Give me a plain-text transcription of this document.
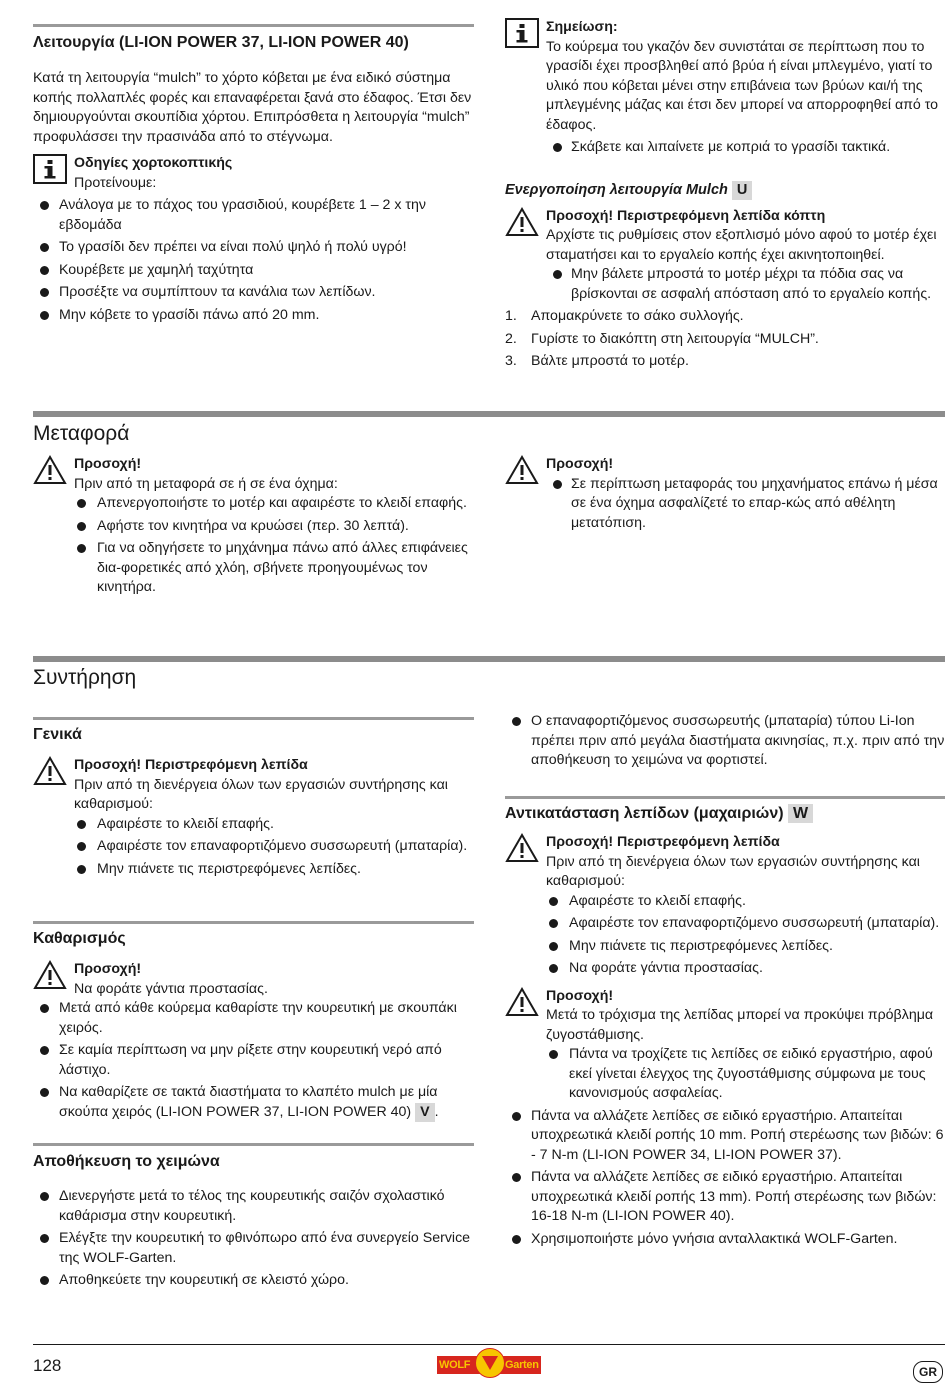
Λειτουργία (LI-ION POWER 37, LI-ION POWER 40)

Κατά τη λειτουργία “mulch” το χόρτο κόβεται με ένα ειδικό σύστημα κοπής πολλαπλές φορές και επαναφέρεται ξανά στο έδαφος. Έτσι δεν δημιουργούνται σκουπίδια χόρτου. Επιπρόσθετα η λειτουργία “mulch” προφυλάσσει την πρασινάδα από το στέγνωμα.

Οδηγίες χορτοκοπτικής

Προτείνουμε:

Ανάλογα με το πάχος του γρασιδιού, κουρέβετε 1 – 2 x την εβδομάδα
Το γρασίδι δεν πρέπει να είναι πολύ ψηλό ή πολύ υγρό!
Κουρέβετε με χαμηλή ταχύτητα
Προσέξτε να συμπίπτουν τα κανάλια των λεπίδων.
Μην κόβετε το γρασίδι πάνω από 20 mm.

Σημείωση:

Το κούρεμα του γκαζόν δεν συνιστάται σε περίπτωση που το γρασίδι έχει προσβληθεί από βρύα ή είναι μπλεγμένο, γιατί το υλικό που κόβεται μένει στην επιβάνεια των βρύων και/ή της μπλεγμένης μάζας και έτσι δεν μπορεί να απορροφηθεί από το έδαφος.

Σκάβετε και λιπαίνετε με κοπριά το γρασίδι τακτικά.
Ενεργοποίηση λειτουργία Mulch U

Προσοχή! Περιστρεφόμενη λεπίδα κόπτη

Αρχίστε τις ρυθμίσεις στον εξοπλισμό μόνο αφού το μοτέρ έχει σταματήσει και το εργαλείο κοπής έχει ακινητοποιηθεί.

Μην βάλετε μπροστά το μοτέρ μέχρι τα πόδια σας να βρίσκονται σε ασφαλή απόσταση από το εργαλείο κοπής.
1. Απομακρύνετε το σάκο συλλογής.
2. Γυρίστε το διακόπτη στη λειτουργία “MULCH”.
3. Βάλτε μπροστά το μοτέρ.
Μεταφορά

Προσοχή!

Πριν από τη μεταφορά σε ή σε ένα όχημα:

Απενεργοποιήστε το μοτέρ και αφαιρέστε το κλειδί επαφής.
Αφήστε τον κινητήρα να κρυώσει (περ. 30 λεπτά).
Για να οδηγήσετε το μηχάνημα πάνω από άλλες επιφάνειες δια-φορετικές από χλόη, σβήνετε προηγουμένως τον κινητήρα.

Προσοχή!

Σε περίπτωση μεταφοράς του μηχανήματος επάνω ή μέσα σε ένα όχημα ασφαλίζετέ το επαρ-κώς από αθέλητη μετατόπιση.
Συντήρηση
Γενικά

Προσοχή! Περιστρεφόμενη λεπίδα

Πριν από τη διενέργεια όλων των εργασιών συντήρησης και καθαρισμού:

Αφαιρέστε το κλειδί επαφής.
Αφαιρέστε τον επαναφορτιζόμενο συσσωρευτή (μπαταρία).
Μην πιάνετε τις περιστρεφόμενες λεπίδες.
Ο επαναφορτιζόμενος συσσωρευτής (μπαταρία) τύπου Li-Ion πρέπει πριν από μεγάλα διαστήματα ακινησίας, π.χ. πριν από την αποθήκευση το χειμώνα να φορτιστεί.
Καθαρισμός

Προσοχή!

Να φοράτε γάντια προστασίας.

Μετά από κάθε κούρεμα καθαρίστε την κουρευτική με σκουπάκι χειρός.
Σε καμία περίπτωση να μην ρίξετε στην κουρευτική νερό από λάστιχο.
Να καθαρίζετε σε τακτά διαστήματα το κλαπέτο mulch με μία σκούπα χειρός (LI-ION POWER 37, LI-ION POWER 40) V .
Αποθήκευση το χειμώνα
Διενεργήστε μετά το τέλος της κουρευτικής σαιζόν σχολαστικό καθάρισμα στην κουρευτική.
Ελέγξτε την κουρευτική το φθινόπωρο από ένα συνεργείο Service της WOLF-Garten.
Αποθηκεύετε την κουρευτική σε κλειστό χώρο.
Αντικατάσταση λεπίδων (μαχαιριών) W

Προσοχή! Περιστρεφόμενη λεπίδα

Πριν από τη διενέργεια όλων των εργασιών συντήρησης και καθαρισμού:

Αφαιρέστε το κλειδί επαφής.
Αφαιρέστε τον επαναφορτιζόμενο συσσωρευτή (μπαταρία).
Μην πιάνετε τις περιστρεφόμενες λεπίδες.
Να φοράτε γάντια προστασίας.

Προσοχή!

Μετά το τρόχισμα της λεπίδας μπορεί να προκύψει πρόβλημα ζυγοστάθμισης.

Πάντα να τροχίζετε τις λεπίδες σε ειδικό εργαστήριο, αφού εκεί γίνεται έλεγχος της ζυγοστάθμισης σύμφωνα με τους κανονισμούς ασφαλείας.
Πάντα να αλλάζετε λεπίδες σε ειδικό εργαστήριο. Απαιτείται υποχρεωτικά κλειδί ροπής 10 mm. Ροπή στερέωσης των βιδών: 6 - 7 N-m (LI-ION POWER 34, LI-ION POWER 37).
Πάντα να αλλάζετε λεπίδες σε ειδικό εργαστήριο. Απαιτείται υποχρεωτικά κλειδί ροπής 13 mm). Ροπή στερέωσης των βιδών: 16-18 N-m (LI-ION POWER 40).
Χρησιμοποιήστε μόνο γνήσια ανταλλακτικά WOLF-Garten.
128	WOLF	Garten	GR
